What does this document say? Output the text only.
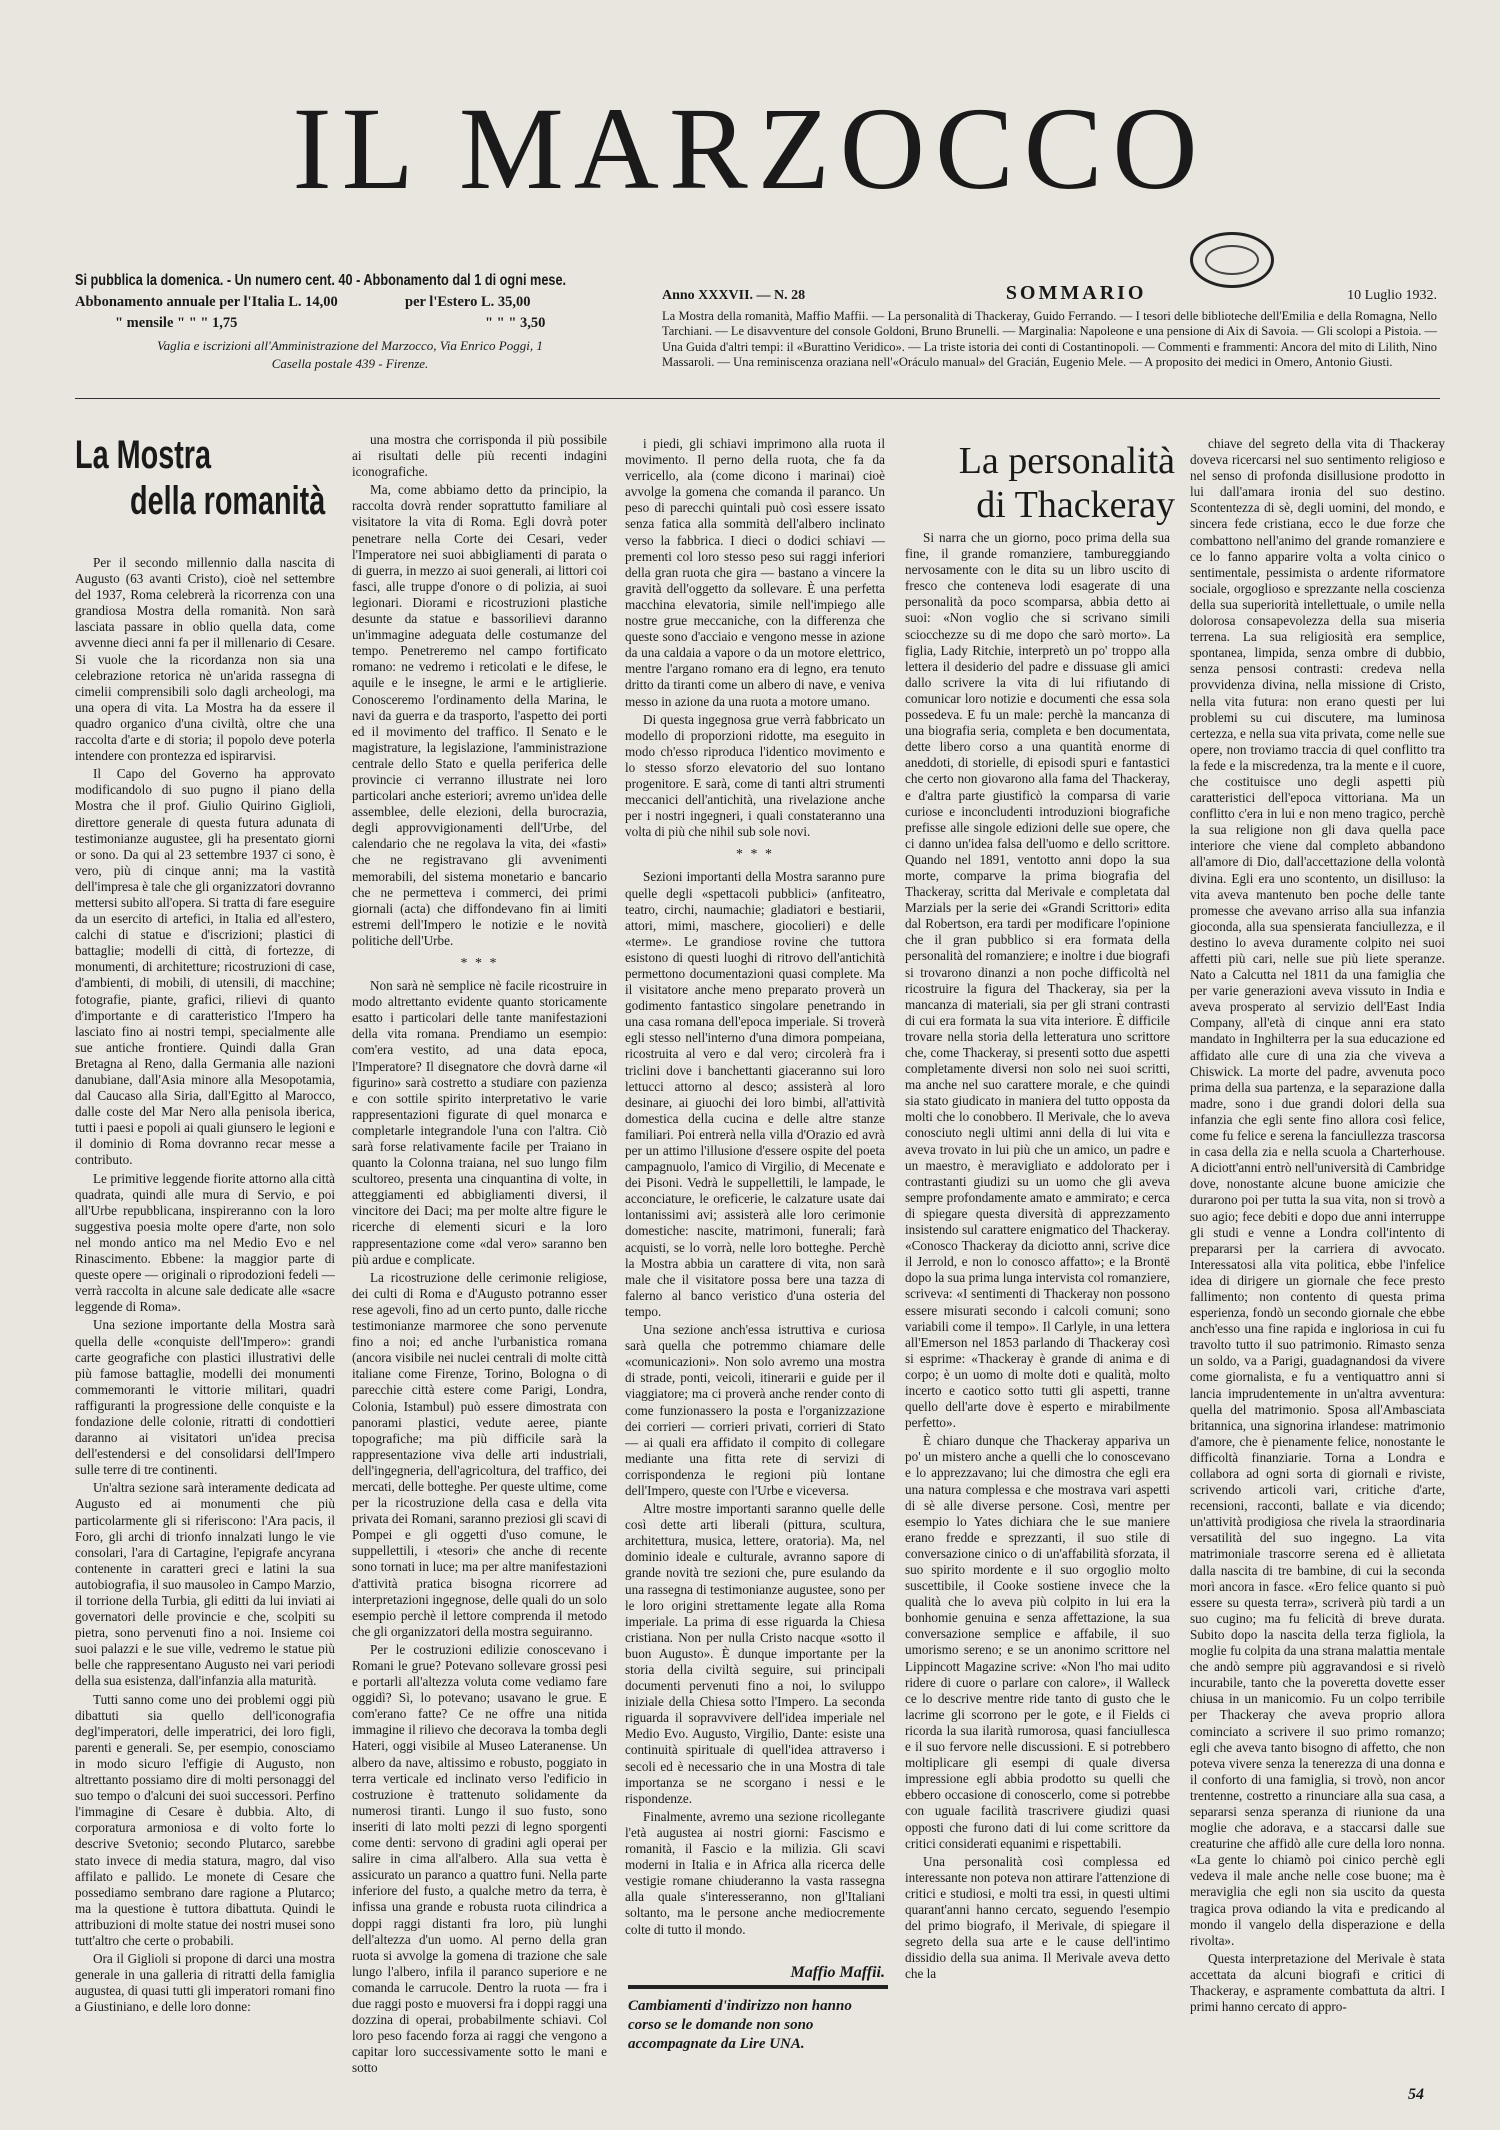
IL MARZOCCO
Si pubblica la domenica. - Un numero cent. 40 - Abbonamento dal 1 di ogni mese.
Abbonamento annuale per l'Italia L. 14,00	per l'Estero L. 35,00
" mensile " " " 1,75	" " " 3,50
Vaglia e iscrizioni all'Amministrazione del Marzocco, Via Enrico Poggi, 1
Casella postale 439 - Firenze.
Anno XXXVII. — N. 28	SOMMARIO	10 Luglio 1932.
La Mostra della romanità, Maffio Maffii. — La personalità di Thackeray, Guido Ferrando. — I tesori delle biblioteche dell'Emilia e della Romagna, Nello Tarchiani. — Le disavventure del console Goldoni, Bruno Brunelli. — Marginalia: Napoleone e una pensione di Aix di Savoia. — Gli scolopi a Pistoia. — Una Guida d'altri tempi: il «Burattino Veridico». — La triste istoria dei conti di Costantinopoli. — Commenti e frammenti: Ancora del mito di Lilith, Nino Massaroli. — Una reminiscenza oraziana nell'«Oráculo manual» del Gracián, Eugenio Mele. — A proposito dei medici in Omero, Antonio Giusti.
La Mostra
della romanità

Per il secondo millennio dalla nascita di Augusto (63 avanti Cristo), cioè nel settembre del 1937, Roma celebrerà la ricorrenza con una grandiosa Mostra della romanità. Non sarà lasciata passare in oblio quella data, come avvenne dieci anni fa per il millenario di Cesare. Si vuole che la ricordanza non sia una celebrazione retorica nè un'arida rassegna di cimelii comprensibili solo dagli archeologi, ma una opera di vita. La Mostra ha da essere il quadro organico d'una civiltà, oltre che una raccolta d'arte e di storia; il popolo deve poterla intendere con prontezza ed ispirarvisi.

Il Capo del Governo ha approvato modificandolo di suo pugno il piano della Mostra che il prof. Giulio Quirino Giglioli, direttore generale di questa futura adunata di testimonianze augustee, gli ha presentato giorni or sono. Da qui al 23 settembre 1937 ci sono, è vero, più di cinque anni; ma la vastità dell'impresa è tale che gli organizzatori dovranno mettersi subito all'opera. Si tratta di fare eseguire da un esercito di artefici, in Italia ed all'estero, calchi di statue e d'iscrizioni; plastici di battaglie; modelli di città, di fortezze, di monumenti, di architetture; ricostruzioni di case, d'ambienti, di mobili, di utensili, di macchine; fotografie, piante, grafici, rilievi di quanto d'importante e di caratteristico l'Impero ha lasciato fino ai nostri tempi, specialmente alle sue antiche frontiere. Quindi dalla Gran Bretagna al Reno, dalla Germania alle nazioni danubiane, dall'Asia minore alla Mesopotamia, dal Caucaso alla Siria, dall'Egitto al Marocco, dalle coste del Mar Nero alla penisola iberica, tutti i paesi e popoli ai quali giunsero le legioni e il dominio di Roma dovranno recar messe a contributo.

Le primitive leggende fiorite attorno alla città quadrata, quindi alle mura di Servio, e poi all'Urbe repubblicana, inspireranno con la loro suggestiva poesia molte opere d'arte, non solo nel mondo antico ma nel Medio Evo e nel Rinascimento. Ebbene: la maggior parte di queste opere — originali o riprodozioni fedeli — verrà raccolta in alcune sale dedicate alle «sacre leggende di Roma».

Una sezione importante della Mostra sarà quella delle «conquiste dell'Impero»: grandi carte geografiche con plastici illustrativi delle più famose battaglie, modelli dei monumenti commemoranti le vittorie militari, quadri raffiguranti la progressione delle conquiste e la fondazione delle colonie, ritratti di condottieri daranno ai visitatori un'idea precisa dell'estendersi e del consolidarsi dell'Impero sulle terre di tre continenti.

Un'altra sezione sarà interamente dedicata ad Augusto ed ai monumenti che più particolarmente gli si riferiscono: l'Ara pacis, il Foro, gli archi di trionfo innalzati lungo le vie consolari, l'ara di Cartagine, l'epigrafe ancyrana contenente in caratteri greci e latini la sua autobiografia, il suo mausoleo in Campo Marzio, il torrione della Turbia, gli editti da lui inviati ai governatori delle provincie e che, scolpiti su pietra, sono pervenuti fino a noi. Insieme coi suoi palazzi e le sue ville, vedremo le statue più belle che rappresentano Augusto nei vari periodi della sua esistenza, dall'infanzia alla maturità.

Tutti sanno come uno dei problemi oggi più dibattuti sia quello dell'iconografia degl'imperatori, delle imperatrici, dei loro figli, parenti e generali. Se, per esempio, conosciamo in modo sicuro l'effigie di Augusto, non altrettanto possiamo dire di molti personaggi del suo tempo o d'alcuni dei suoi successori. Perfino l'immagine di Cesare è dubbia. Alto, di corporatura armoniosa e di volto forte lo descrive Svetonio; secondo Plutarco, sarebbe stato invece di media statura, magro, dal viso affilato e pallido. Le monete di Cesare che possediamo sembrano dare ragione a Plutarco; ma la questione è tuttora dibattuta. Quindi le attribuzioni di molte statue dei nostri musei sono tutt'altro che certe o probabili.

Ora il Giglioli si propone di darci una mostra generale in una galleria di ritratti della famiglia augustea, di quasi tutti gli imperatori romani fino a Giustiniano, e delle loro donne:

una mostra che corrisponda il più possibile ai risultati delle più recenti indagini iconografiche.

Ma, come abbiamo detto da principio, la raccolta dovrà render soprattutto familiare al visitatore la vita di Roma. Egli dovrà poter penetrare nella Corte dei Cesari, veder l'Imperatore nei suoi abbigliamenti di parata o di guerra, in mezzo ai suoi generali, ai littori coi fasci, alle truppe d'onore o di polizia, ai suoi legionari. Diorami e ricostruzioni plastiche desunte da statue e bassorilievi daranno un'immagine adeguata delle costumanze del tempo. Penetreremo nel campo fortificato romano: ne vedremo i reticolati e le difese, le aquile e le insegne, le armi e le artiglierie. Conosceremo l'ordinamento della Marina, le navi da guerra e da trasporto, l'aspetto dei porti ed il movimento del traffico. Il Senato e le magistrature, la legislazione, l'amministrazione centrale dello Stato e quella periferica delle provincie ci verranno illustrate nei loro particolari anche esteriori; avremo un'idea delle assemblee, delle elezioni, della burocrazia, degli approvvigionamenti dell'Urbe, del calendario che ne regolava la vita, dei «fasti» che ne registravano gli avvenimenti memorabili, del sistema monetario e bancario che ne permetteva i commerci, dei primi giornali (acta) che diffondevano fin ai limiti estremi dell'Impero le notizie e le novità politiche dell'Urbe.

* * *

Non sarà nè semplice nè facile ricostruire in modo altrettanto evidente quanto storicamente esatto i particolari delle tante manifestazioni della vita romana. Prendiamo un esempio: com'era vestito, ad una data epoca, l'Imperatore? Il disegnatore che dovrà darne «il figurino» sarà costretto a studiare con pazienza e con sottile spirito interpretativo le varie rappresentazioni figurate di quel monarca e completarle integrandole l'una con l'altra. Ciò sarà forse relativamente facile per Traiano in quanto la Colonna traiana, nel suo lungo film scultoreo, presenta una cinquantina di volte, in atteggiamenti ed abbigliamenti diversi, il vincitore dei Daci; ma per molte altre figure le ricerche di elementi sicuri e la loro rappresentazione come «dal vero» saranno ben più ardue e complicate.

La ricostruzione delle cerimonie religiose, dei culti di Roma e d'Augusto potranno esser rese agevoli, fino ad un certo punto, dalle ricche testimonianze marmoree che sono pervenute fino a noi; ed anche l'urbanistica romana (ancora visibile nei nuclei centrali di molte città italiane come Firenze, Torino, Bologna o di parecchie città estere come Parigi, Londra, Colonia, Istambul) può essere dimostrata con panorami plastici, vedute aeree, piante topografiche; ma più difficile sarà la rappresentazione viva delle arti industriali, dell'ingegneria, dell'agricoltura, del traffico, dei mercati, delle botteghe. Per queste ultime, come per la ricostruzione della casa e della vita privata dei Romani, saranno preziosi gli scavi di Pompei e gli oggetti d'uso comune, le suppellettili, i «tesori» che anche di recente sono tornati in luce; ma per altre manifestazioni d'attività pratica bisogna ricorrere ad interpretazioni ingegnose, delle quali do un solo esempio perchè il lettore comprenda il metodo che gli organizzatori della mostra seguiranno.

Per le costruzioni edilizie conoscevano i Romani le grue? Potevano sollevare grossi pesi e portarli all'altezza voluta come vediamo fare oggidì? Sì, lo potevano; usavano le grue. E com'erano fatte? Ce ne offre una nitida immagine il rilievo che decorava la tomba degli Hateri, oggi visibile al Museo Lateranense. Un albero da nave, altissimo e robusto, poggiato in terra verticale ed inclinato verso l'edificio in costruzione è trattenuto solidamente da numerosi tiranti. Lungo il suo fusto, sono inseriti di lato molti pezzi di legno sporgenti come denti: servono di gradini agli operai per salire in cima all'albero. Alla sua vetta è assicurato un paranco a quattro funi. Nella parte inferiore del fusto, a qualche metro da terra, è infissa una grande e robusta ruota cilindrica a doppi raggi distanti fra loro, più lunghi dell'altezza d'un uomo. Al perno della gran ruota si avvolge la gomena di trazione che sale lungo l'albero, infila il paranco superiore e ne comanda le carrucole. Dentro la ruota — fra i due raggi posto e muoversi fra i doppi raggi una dozzina di operai, probabilmente schiavi. Col loro peso facendo forza ai raggi che vengono a capitar loro successivamente sotto le mani e sotto

i piedi, gli schiavi imprimono alla ruota il movimento. Il perno della ruota, che fa da verricello, ala (come dicono i marinai) cioè avvolge la gomena che comanda il paranco. Un peso di parecchi quintali può così essere issato senza fatica alla sommità dell'albero inclinato verso la fabbrica. I dieci o dodici schiavi — prementi col loro stesso peso sui raggi inferiori della gran ruota che gira — bastano a vincere la gravità dell'oggetto da sollevare. È una perfetta macchina elevatoria, simile nell'impiego alle nostre grue meccaniche, con la differenza che queste sono d'acciaio e vengono messe in azione da una caldaia a vapore o da un motore elettrico, mentre l'argano romano era di legno, era tenuto dritto da tiranti come un albero di nave, e veniva messo in azione da una ruota a motore umano.

Di questa ingegnosa grue verrà fabbricato un modello di proporzioni ridotte, ma eseguito in modo ch'esso riproduca l'identico movimento e lo stesso sforzo elevatorio del suo lontano progenitore. E sarà, come di tanti altri strumenti meccanici dell'antichità, una rivelazione anche per i nostri ingegneri, i quali constateranno una volta di più che nihil sub sole novi.

* * *

Sezioni importanti della Mostra saranno pure quelle degli «spettacoli pubblici» (anfiteatro, teatro, circhi, naumachie; gladiatori e bestiarii, attori, mimi, maschere, giocolieri) e delle «terme». Le grandiose rovine che tuttora esistono di questi luoghi di ritrovo dell'antichità permettono documentazioni quasi complete. Ma il visitatore anche meno preparato proverà un godimento fantastico singolare penetrando in una casa romana dell'epoca imperiale. Si troverà egli stesso nell'interno d'una dimora pompeiana, ricostruita al vero e dal vero; circolerà fra i triclini dove i banchettanti giaceranno sui loro lettucci attorno al desco; assisterà al loro desinare, ai giuochi dei loro bimbi, all'attività domestica della cucina e delle altre stanze familiari. Poi entrerà nella villa d'Orazio ed avrà per un attimo l'illusione d'essere ospite del poeta campagnuolo, l'amico di Virgilio, di Mecenate e dei Pisoni. Vedrà le suppellettili, le lampade, le acconciature, le oreficerie, le calzature usate dai lontanissimi avi; assisterà alle loro cerimonie domestiche: nascite, matrimoni, funerali; farà acquisti, se lo vorrà, nelle loro botteghe. Perchè la Mostra abbia un carattere di vita, non sarà male che il visitatore possa bere una tazza di falerno al banco veristico d'una osteria del tempo.

Una sezione anch'essa istruttiva e curiosa sarà quella che potremmo chiamare delle «comunicazioni». Non solo avremo una mostra di strade, ponti, veicoli, itinerarii e guide per il viaggiatore; ma ci proverà anche render conto di come funzionassero la posta e l'organizzazione dei corrieri — corrieri privati, corrieri di Stato — ai quali era affidato il compito di collegare mediante una fitta rete di servizi di corrispondenza le regioni più lontane dell'Impero, queste con l'Urbe e viceversa.

Altre mostre importanti saranno quelle delle così dette arti liberali (pittura, scultura, architettura, musica, lettere, oratoria). Ma, nel dominio ideale e culturale, avranno sapore di grande novità tre sezioni che, pure esulando da una rassegna di testimonianze augustee, sono per le loro origini strettamente legate alla Roma imperiale. La prima di esse riguarda la Chiesa cristiana. Non per nulla Cristo nacque «sotto il buon Augusto». È dunque importante per la storia della civiltà seguire, sui principali documenti pervenuti fino a noi, lo sviluppo iniziale della Chiesa sotto l'Impero. La seconda riguarda il sopravvivere dell'idea imperiale nel Medio Evo. Augusto, Virgilio, Dante: esiste una continuità spirituale di quell'idea attraverso i secoli ed è necessario che in una Mostra di tale importanza se ne scorgano i nessi e le rispondenze.

Finalmente, avremo una sezione ricollegante l'età augustea ai nostri giorni: Fascismo e romanità, il Fascio e la milizia. Gli scavi moderni in Italia e in Africa alla ricerca delle vestigie romane chiuderanno la vasta rassegna alla quale s'interesseranno, non gl'Italiani soltanto, ma le persone anche mediocremente colte di tutto il mondo.

Maffio Maffii.
Cambiamenti d'indirizzo non hanno corso se le domande non sono accompagnate da Lire UNA.
La personalità
di Thackeray

Si narra che un giorno, poco prima della sua fine, il grande romanziere, tambureggiando nervosamente con le dita su un libro uscito di fresco che conteneva lodi esagerate di una personalità da poco scomparsa, abbia detto ai suoi: «Non voglio che si scrivano simili sciocchezze su di me dopo che sarò morto». La figlia, Lady Ritchie, interpretò un po' troppo alla lettera il desiderio del padre e dissuase gli amici dallo scrivere la vita di lui rifiutando di comunicar loro notizie e documenti che essa sola possedeva. E fu un male: perchè la mancanza di una biografia seria, completa e ben documentata, dette libero corso a una quantità enorme di aneddoti, di storielle, di episodi spuri e fantastici che certo non giovarono alla fama del Thackeray, e d'altra parte giustificò la comparsa di varie curiose e inconcludenti introduzioni biografiche prefisse alle singole edizioni delle sue opere, che ci danno un'idea falsa dell'uomo e dello scrittore. Quando nel 1891, ventotto anni dopo la sua morte, comparve la prima biografia del Thackeray, scritta dal Merivale e completata dal Marzials per la serie dei «Grandi Scrittori» edita dal Robertson, era tardi per modificare l'opinione che il gran pubblico si era formata della personalità del romanziere; e inoltre i due biografi si trovarono dinanzi a non poche difficoltà nel ricostruire la figura del Thackeray, sia per la mancanza di materiali, sia per gli strani contrasti di cui era formata la sua vita interiore. È difficile trovare nella storia della letteratura uno scrittore che, come Thackeray, si presenti sotto due aspetti completamente diversi non solo nei suoi scritti, ma anche nel suo carattere morale, e che quindi sia stato giudicato in maniera del tutto opposta da molti che lo conobbero. Il Merivale, che lo aveva conosciuto negli ultimi anni della di lui vita e aveva trovato in lui più che un amico, un padre e un maestro, è meravigliato e addolorato per i contrastanti giudizi su un uomo che gli aveva sempre profondamente amato e ammirato; e cerca di spiegare questa diversità di apprezzamento insistendo sul carattere enigmatico del Thackeray. «Conosco Thackeray da diciotto anni, scrive dice il Jerrold, e non lo conosco affatto»; e la Brontë dopo la sua prima lunga intervista col romanziere, scriveva: «I sentimenti di Thackeray non possono essere misurati secondo i calcoli comuni; sono variabili come il tempo». Il Carlyle, in una lettera all'Emerson nel 1853 parlando di Thackeray così si esprime: «Thackeray è grande di anima e di corpo; è un uomo di molte doti e qualità, molto incerto e caotico sotto tutti gli aspetti, tranne quello dell'arte dove è esperto e mirabilmente perfetto».

È chiaro dunque che Thackeray appariva un po' un mistero anche a quelli che lo conoscevano e lo apprezzavano; lui che dimostra che egli era una natura complessa e che mostrava vari aspetti di sè alle diverse persone. Così, mentre per esempio lo Yates dichiara che le sue maniere erano fredde e sprezzanti, il suo stile di conversazione cinico o di un'affabilità sforzata, il suo spirito mordente e il suo orgoglio molto suscettibile, il Cooke sostiene invece che la qualità che lo aveva più colpito in lui era la bonhomie genuina e senza affettazione, la sua conversazione semplice e affabile, il suo umorismo sereno; e se un anonimo scrittore nel Lippincott Magazine scrive: «Non l'ho mai udito ridere di cuore o parlare con calore», il Walleck ce lo descrive mentre ride tanto di gusto che le lacrime gli scorrono per le gote, e il Fields ci ricorda la sua ilarità rumorosa, quasi fanciullesca e il suo fervore nelle discussioni. E si potrebbero moltiplicare gli esempi di quale diversa impressione egli abbia prodotto su quelli che ebbero occasione di conoscerlo, come si potrebbe con uguale facilità trascrivere giudizi quasi opposti che furono dati di lui come scrittore da critici considerati equanimi e rispettabili.

Una personalità così complessa ed interessante non poteva non attirare l'attenzione di critici e studiosi, e molti tra essi, in questi ultimi quarant'anni hanno cercato, seguendo l'esempio del primo biografo, il Merivale, di spiegare il segreto della sua arte e le cause dell'intimo dissidio della sua anima. Il Merivale aveva detto che la

chiave del segreto della vita di Thackeray doveva ricercarsi nel suo sentimento religioso e nel senso di profonda disillusione prodotto in lui dall'amara ironia del suo destino. Scontentezza di sè, degli uomini, del mondo, e sincera fede cristiana, ecco le due forze che combattono nell'animo del grande romanziere e ce lo fanno apparire volta a volta cinico o sentimentale, pessimista o ardente riformatore sociale, orgoglioso e sprezzante nella coscienza della sua superiorità intellettuale, o umile nella dolorosa consapevolezza della sua miseria terrena. La sua religiosità era semplice, spontanea, limpida, senza ombre di dubbio, senza pensosi contrasti: credeva nella provvidenza divina, nella missione di Cristo, nella vita futura: non erano questi per lui problemi su cui discutere, ma luminosa certezza, e nella sua vita privata, come nelle sue opere, non troviamo traccia di quel conflitto tra la fede e la miscredenza, tra la mente e il cuore, che costituisce uno degli aspetti più caratteristici dell'epoca vittoriana. Ma un conflitto c'era in lui e non meno tragico, perchè la sua religione non gli dava quella pace interiore che viene dal completo abbandono all'amore di Dio, dall'accettazione della volontà divina. Egli era uno scontento, un disilluso: la vita aveva mantenuto ben poche delle tante promesse che avevano arriso alla sua infanzia gioconda, alla sua spensierata fanciullezza, e il destino lo aveva duramente colpito nei suoi affetti più cari, nelle sue più liete speranze. Nato a Calcutta nel 1811 da una famiglia che per varie generazioni aveva vissuto in India e aveva prosperato al servizio dell'East India Company, all'età di cinque anni era stato mandato in Inghilterra per la sua educazione ed affidato alle cure di una zia che viveva a Chiswick. La morte del padre, avvenuta poco prima della sua partenza, e la separazione dalla madre, sono i due grandi dolori della sua infanzia che egli sente fino allora così felice, come fu felice e serena la fanciullezza trascorsa in casa della zia e nella scuola a Charterhouse. A diciott'anni entrò nell'università di Cambridge dove, nonostante alcune buone amicizie che durarono poi per tutta la sua vita, non si trovò a suo agio; fece debiti e dopo due anni interruppe gli studi e venne a Londra coll'intento di prepararsi per la carriera di avvocato. Interessatosi alla vita politica, ebbe l'infelice idea di dirigere un giornale che fece presto fallimento; non contento di questa prima esperienza, fondò un secondo giornale che ebbe anch'esso una fine rapida e ingloriosa in cui fu travolto tutto il suo patrimonio. Rimasto senza un soldo, va a Parigi, guadagnandosi da vivere come giornalista, e fu a ventiquattro anni si lancia imprudentemente in un'altra avventura: quella del matrimonio. Sposa all'Ambasciata britannica, una signorina irlandese: matrimonio d'amore, che è pienamente felice, nonostante le difficoltà finanziarie. Torna a Londra e collabora ad ogni sorta di giornali e riviste, scrivendo articoli vari, critiche d'arte, recensioni, racconti, ballate e via dicendo; un'attività prodigiosa che rivela la straordinaria versatilità del suo ingegno. La vita matrimoniale trascorre serena ed è allietata dalla nascita di tre bambine, di cui la seconda morì ancora in fasce. «Ero felice quanto si può essere su questa terra», scriverà più tardi a un suo cugino; ma fu felicità di breve durata. Subito dopo la nascita della terza figliola, la moglie fu colpita da una strana malattia mentale che andò sempre più aggravandosi e si rivelò incurabile, tanto che la poveretta dovette esser chiusa in un manicomio. Fu un colpo terribile per Thackeray che aveva proprio allora cominciato a scrivere il suo primo romanzo; egli che aveva tanto bisogno di affetto, che non poteva vivere senza la tenerezza di una donna e il conforto di una famiglia, si trovò, non ancor trentenne, costretto a rinunciare alla sua casa, a separarsi senza speranza di riunione da una moglie che adorava, e a staccarsi dalle sue creaturine che affidò alle cure della loro nonna. «La gente lo chiamò poi cinico perchè egli vedeva il male anche nelle cose buone; ma è meraviglia che egli non sia uscito da questa tragica prova odiando la vita e predicando al mondo il vangelo della disperazione e della rivolta».

Questa interpretazione del Merivale è stata accettata da alcuni biografi e critici di Thackeray, e aspramente combattuta da altri. I primi hanno cercato di appro-

54
